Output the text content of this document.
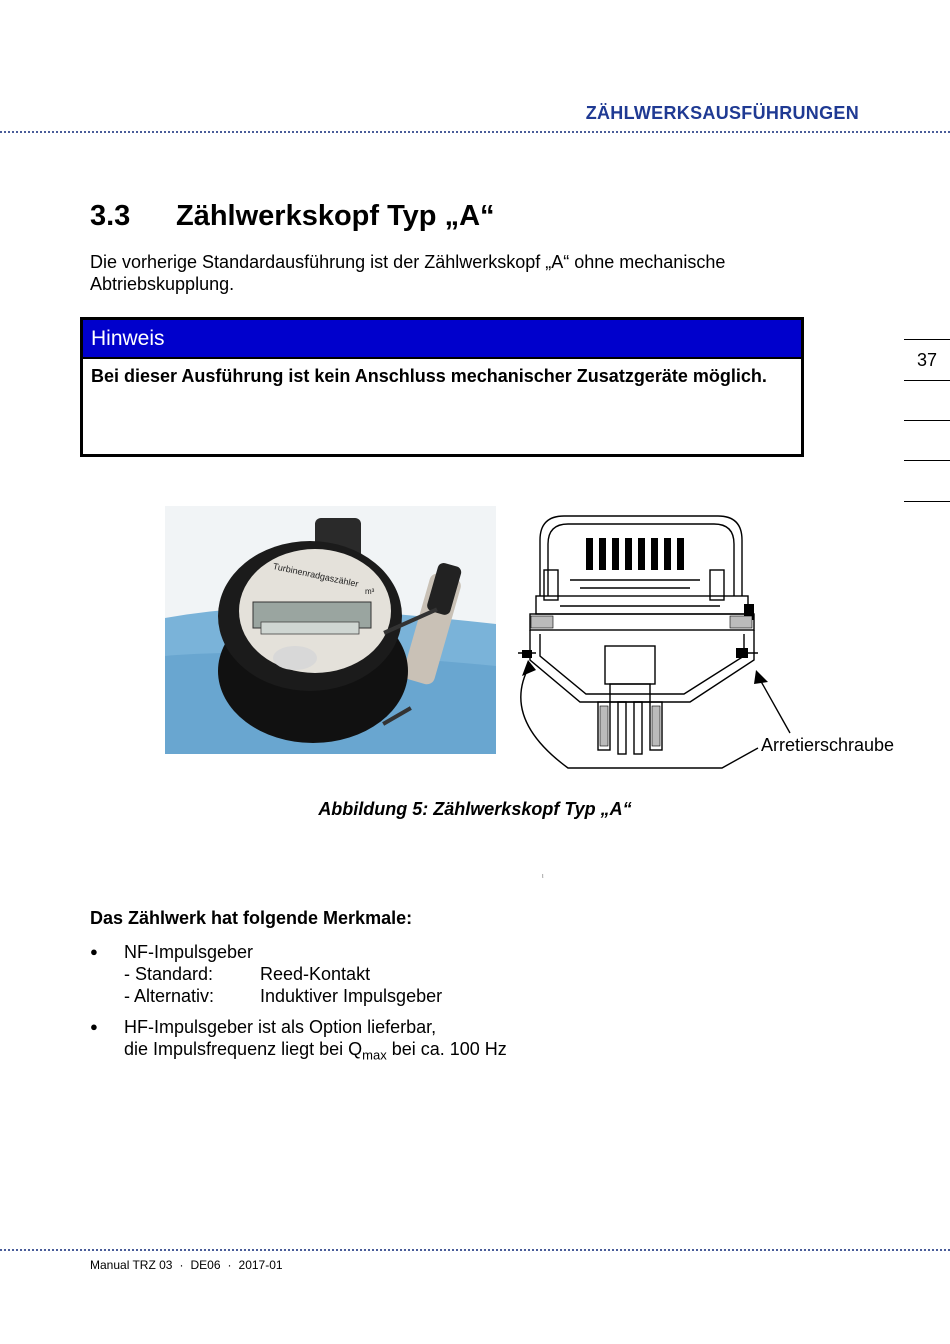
ZÄHLWERKSAUSFÜHRUNGEN
3.3 Zählwerkskopf Typ „A“
Die vorherige Standardausführung ist der Zählwerkskopf „A“ ohne mechanische Abtriebskupplung.
Hinweis
Bei dieser Ausführung ist kein Anschluss mechanischer Zusatzgeräte möglich.
37
Turbinenradgaszähler
m³
Arretierschraube
Abbildung 5: Zählwerkskopf Typ „A“
ι
Das Zählwerk hat folgende Merkmale:
● NF-Impulsgeber
- Standard:	Reed-Kontakt
- Alternativ:	Induktiver Impulsgeber
● HF-Impulsgeber ist als Option lieferbar,
die Impulsfrequenz liegt bei $Q_{max}$ bei ca. 100 Hz
Manual TRZ 03 · DE06 · 2017-01
